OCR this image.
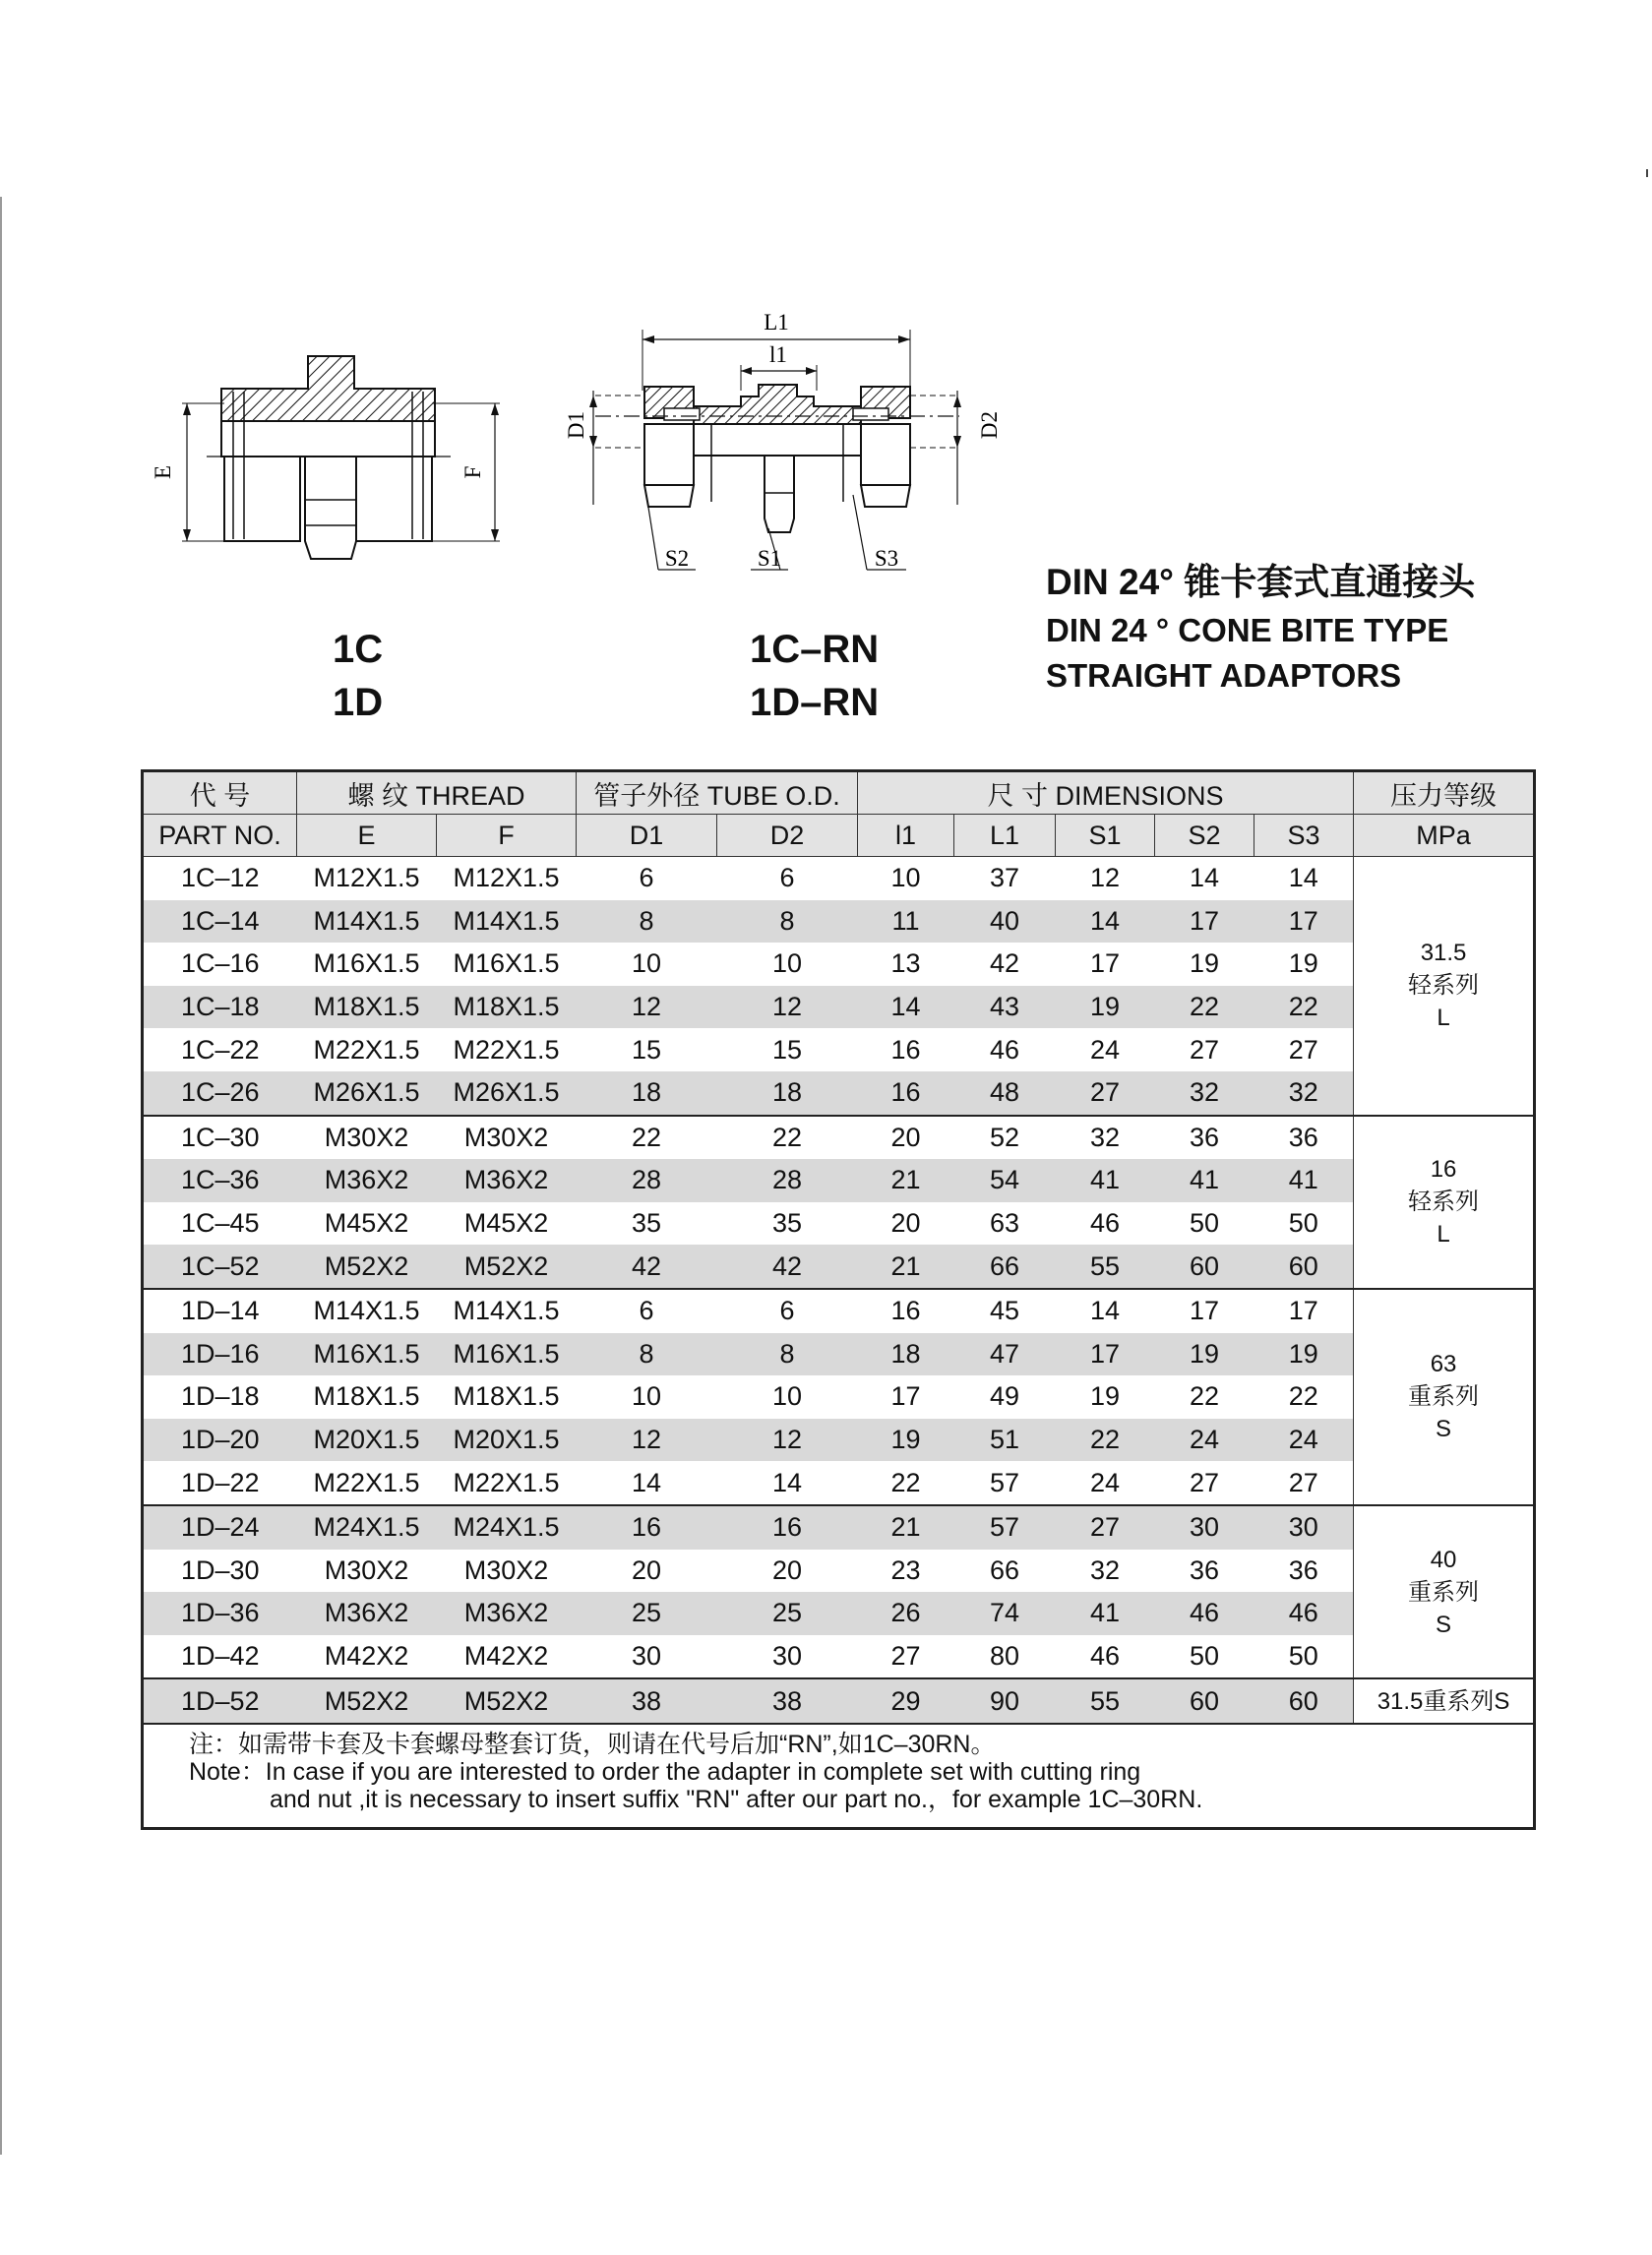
E	F
L1
l1
D1	D2
S2	S1	S3

1C

1D

1C–RN

1D–RN

DIN 24° 锥卡套式直通接头

DIN 24 ° CONE BITE TYPE

STRAIGHT ADAPTORS

代 号	螺 纹 THREAD		管子外径 TUBE O.D.		尺 寸 DIMENSIONS					压力等级
PART NO.	E	F	D1	D2	l1	L1	S1	S2	S3	MPa
1C–12	M12X1.5	M12X1.5	6	6	10	37	12	14	14	31.5
轻系列
L

1C–14	M14X1.5	M14X1.5	8	8	11	40	14	17	17	
1C–16	M16X1.5	M16X1.5	10	10	13	42	17	19	19	
1C–18	M18X1.5	M18X1.5	12	12	14	43	19	22	22	
1C–22	M22X1.5	M22X1.5	15	15	16	46	24	27	27	
1C–26	M26X1.5	M26X1.5	18	18	16	48	27	32	32	
1C–30	M30X2	M30X2	22	22	20	52	32	36	36	16
轻系列
L

1C–36	M36X2	M36X2	28	28	21	54	41	41	41	
1C–45	M45X2	M45X2	35	35	20	63	46	50	50	
1C–52	M52X2	M52X2	42	42	21	66	55	60	60	
1D–14	M14X1.5	M14X1.5	6	6	16	45	14	17	17	63
重系列
S

1D–16	M16X1.5	M16X1.5	8	8	18	47	17	19	19	
1D–18	M18X1.5	M18X1.5	10	10	17	49	19	22	22	
1D–20	M20X1.5	M20X1.5	12	12	19	51	22	24	24	
1D–22	M22X1.5	M22X1.5	14	14	22	57	24	27	27	
1D–24	M24X1.5	M24X1.5	16	16	21	57	27	30	30	40
重系列
S

1D–30	M30X2	M30X2	20	20	23	66	32	36	36	
1D–36	M36X2	M36X2	25	25	26	74	41	46	46	
1D–42	M42X2	M42X2	30	30	27	80	46	50	50	
1D–52	M52X2	M52X2	38	38	29	90	55	60	60	31.5重系列S

注：如需带卡套及卡套螺母整套订货，则请在代号后加“RN”,如1C–30RN。
Note：In case if you are interested to order the adapter in complete set with cutting ring
and nut ,it is necessary to insert suffix "RN" after our part no.，for example 1C–30RN.										
